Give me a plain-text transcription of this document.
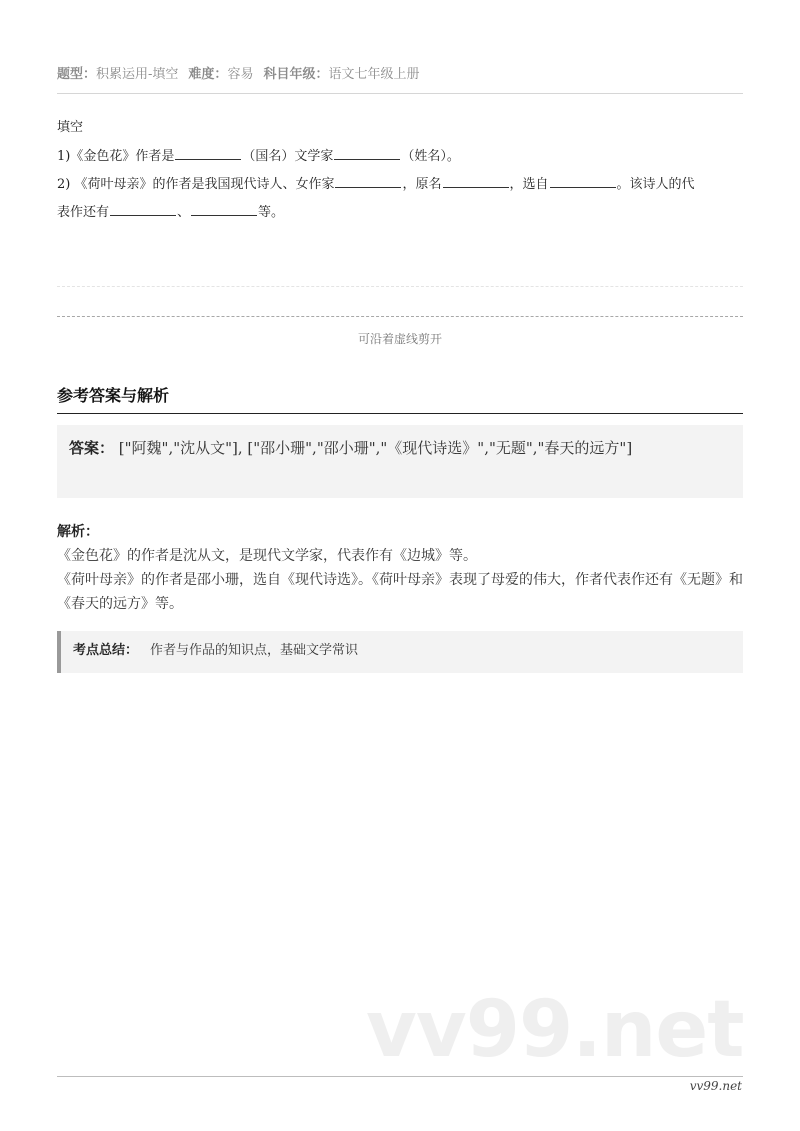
题型：积累运用-填空 难度：容易 科目年级：语文七年级上册
填空
1)《金色花》作者是	（国名）文学家	（姓名）。
2) 《荷叶母亲》的作者是我国现代诗人、女作家	，原名	，选自	。该诗人的代
表作还有	、	等。
可沿着虚线剪开
参考答案与解析
答案： ["阿魏","沈从文"], ["邵小珊","邵小珊","《现代诗选》","无题","春天的远方"]
解析：
《金色花》的作者是沈从文，是现代文学家，代表作有《边城》等。
《荷叶母亲》的作者是邵小珊，选自《现代诗选》。《荷叶母亲》表现了母爱的伟大，作者代表作还有《无题》和《春天的远方》等。
考点总结： 作者与作品的知识点，基础文学常识
vv99.net
vv99.net
